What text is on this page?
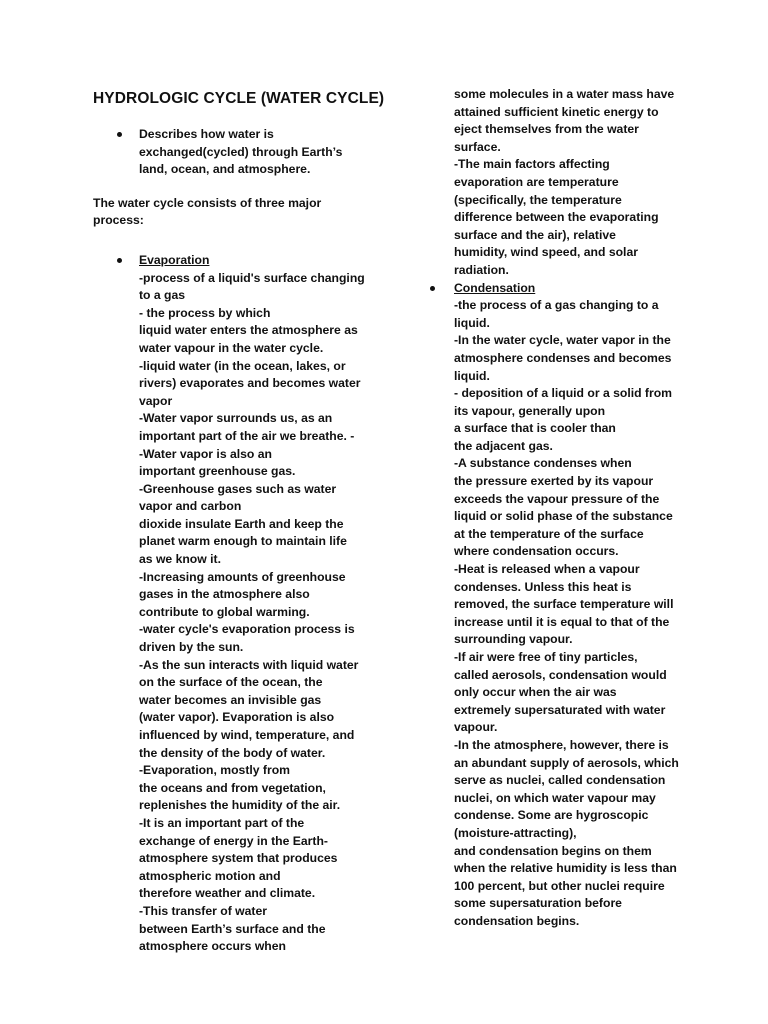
HYDROLOGIC CYCLE (WATER CYCLE)
Describes how water is
exchanged(cycled) through Earth’s
land, ocean, and atmosphere.
The water cycle consists of three major
process:
Evaporation
-process of a liquid's surface changing
to a gas
- the process by which
liquid water enters the atmosphere as
water vapour in the water cycle.
-liquid water (in the ocean, lakes, or
rivers) evaporates and becomes water
vapor
-Water vapor surrounds us, as an
important part of the air we breathe. -
-Water vapor is also an
important greenhouse gas.
-Greenhouse gases such as water
vapor and carbon
dioxide insulate Earth and keep the
planet warm enough to maintain life
as we know it.
-Increasing amounts of greenhouse
gases in the atmosphere also
contribute to global warming.
-water cycle's evaporation process is
driven by the sun.
-As the sun interacts with liquid water
on the surface of the ocean, the
water becomes an invisible gas
(water vapor). Evaporation is also
influenced by wind, temperature, and
the density of the body of water.
-Evaporation, mostly from
the oceans and from vegetation,
replenishes the humidity of the air.
-It is an important part of the
exchange of energy in the Earth-
atmosphere system that produces
atmospheric motion and
therefore weather and climate.
-This transfer of water
between Earth’s surface and the
atmosphere occurs when
some molecules in a water mass have
attained sufficient kinetic energy to
eject themselves from the water
surface.
-The main factors affecting
evaporation are temperature
(specifically, the temperature
difference between the evaporating
surface and the air), relative
humidity, wind speed, and solar
radiation.
Condensation
-the process of a gas changing to a
liquid.
-In the water cycle, water vapor in the
atmosphere condenses and becomes
liquid.
- deposition of a liquid or a solid from
its vapour, generally upon
a surface that is cooler than
the adjacent gas.
-A substance condenses when
the pressure exerted by its vapour
exceeds the vapour pressure of the
liquid or solid phase of the substance
at the temperature of the surface
where condensation occurs.
-Heat is released when a vapour
condenses. Unless this heat is
removed, the surface temperature will
increase until it is equal to that of the
surrounding vapour.
-If air were free of tiny particles,
called aerosols, condensation would
only occur when the air was
extremely supersaturated with water
vapour.
-In the atmosphere, however, there is
an abundant supply of aerosols, which
serve as nuclei, called condensation
nuclei, on which water vapour may
condense. Some are hygroscopic
(moisture-attracting),
and condensation begins on them
when the relative humidity is less than
100 percent, but other nuclei require
some supersaturation before
condensation begins.
